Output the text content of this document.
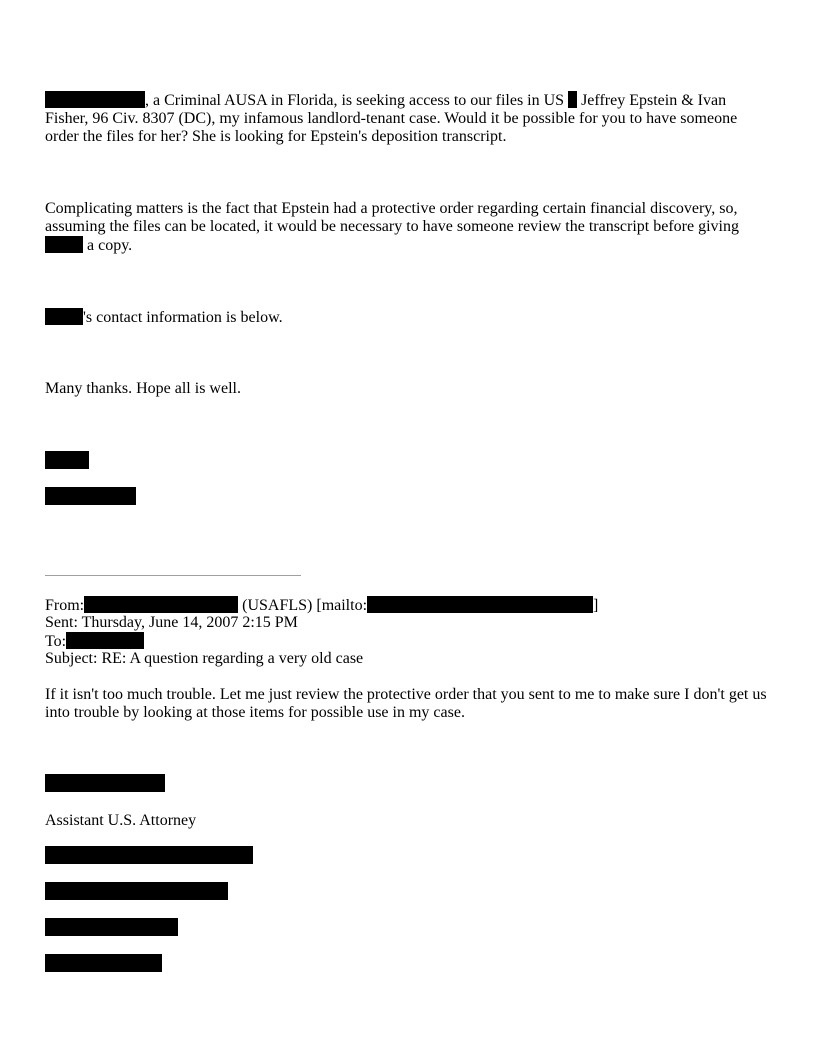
, a Criminal AUSA in Florida, is seeking access to our files in US  Jeffrey Epstein & Ivan Fisher, 96 Civ. 8307 (DC), my infamous landlord-tenant case. Would it be possible for you to have someone order the files for her? She is looking for Epstein's deposition transcript.

Complicating matters is the fact that Epstein had a protective order regarding certain financial discovery, so, assuming the files can be located, it would be necessary to have someone review the transcript before giving  a copy.

's contact information is below.

Many thanks. Hope all is well.

From:	(USAFLS) [mailto:	]
Sent: Thursday, June 14, 2007 2:15 PM
To:
Subject: RE: A question regarding a very old case

If it isn't too much trouble. Let me just review the protective order that you sent to me to make sure I don't get us into trouble by looking at those items for possible use in my case.

Assistant U.S. Attorney
